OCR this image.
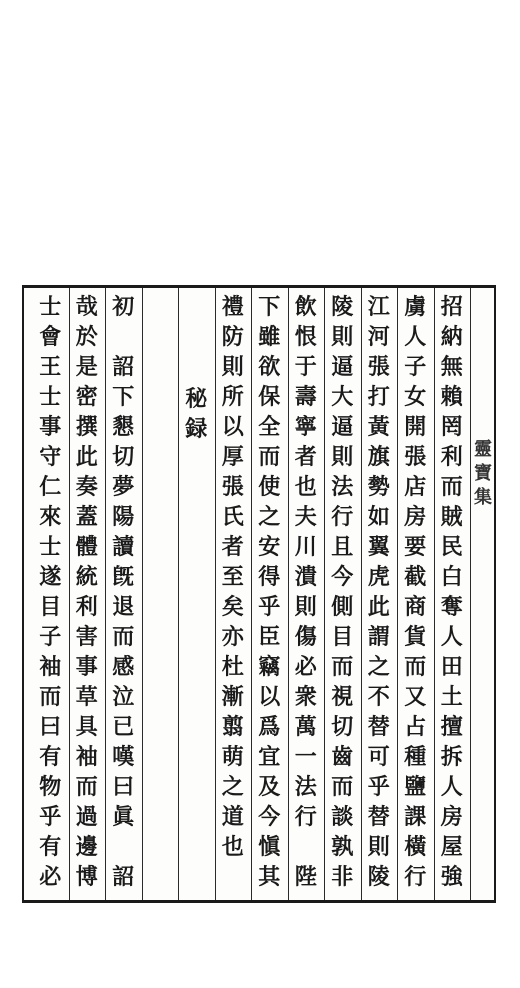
靈
寶
集
招
納
無
賴
罔
利
而
賊
民
白
奪
人
田
土
擅
拆
人
房
屋
強
虜
人
子
女
開
張
店
房
要
截
商
貨
而
又
占
種
鹽
課
橫
行
江
河
張
打
黃
旗
勢
如
翼
虎
此
謂
之
不
替
可
乎
替
則
陵
陵
則
逼
大
逼
則
法
行
且
今
側
目
而
視
切
齒
而
談
孰
非
飲
恨
于
壽
寧
者
也
夫
川
潰
則
傷
必
衆
萬
一
法
行
陛
下
雖
欲
保
全
而
使
之
安
得
乎
臣
竊
以
爲
宜
及
今
愼
其
禮
防
則
所
以
厚
張
氏
者
至
矣
亦
杜
漸
翦
萌
之
道
也
秘
録
初
詔
下
懇
切
夢
陽
讀
旣
退
而
感
泣
已
嘆
曰
眞
詔
哉
於
是
密
撰
此
奏
蓋
體
統
利
害
事
草
具
袖
而
過
邊
博
士
會
王
士
事
守
仁
來
士
遂
目
子
袖
而
曰
有
物
乎
有
必
